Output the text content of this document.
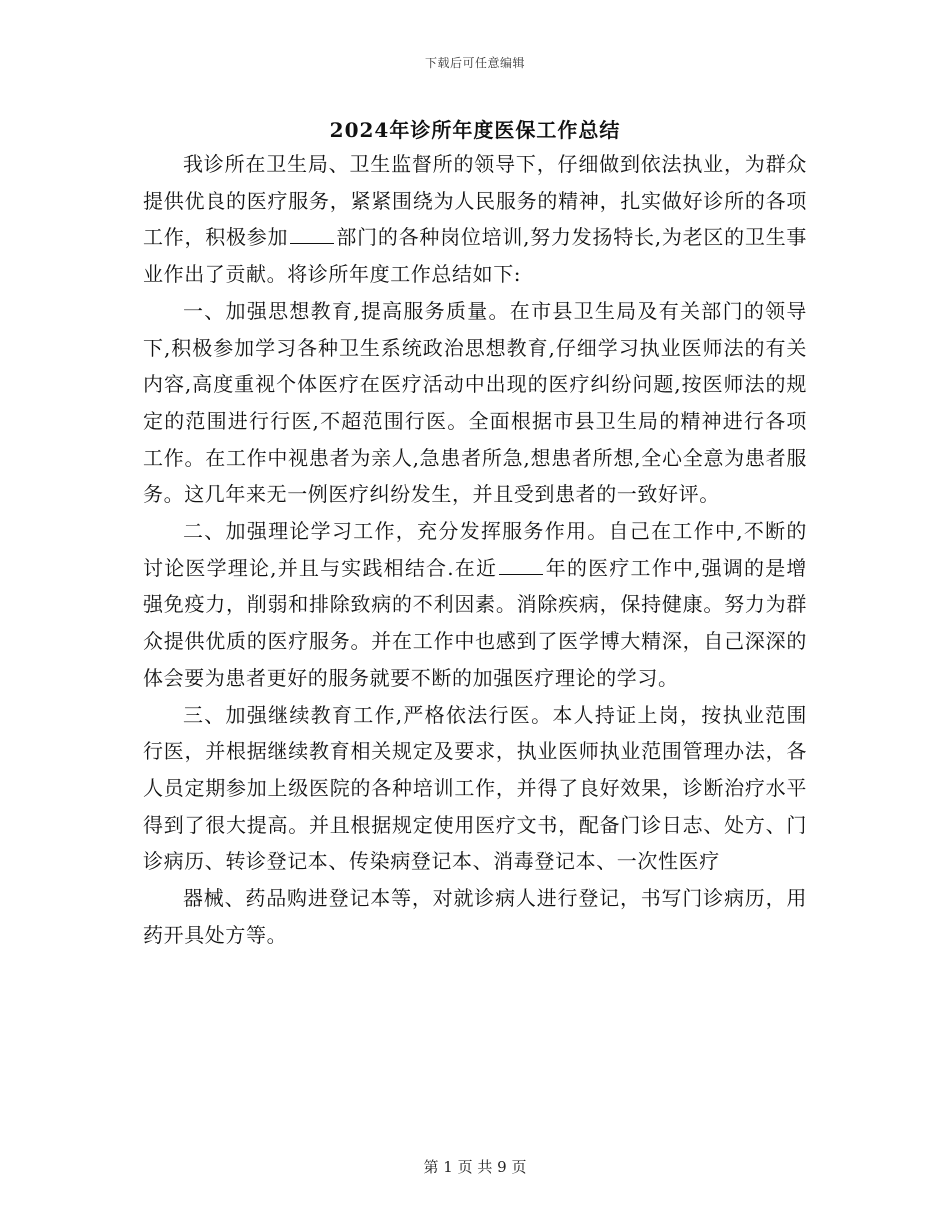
下载后可任意编辑
2024年诊所年度医保工作总结

我诊所在卫生局、卫生监督所的领导下，仔细做到依法执业，为群众提供优良的医疗服务，紧紧围绕为人民服务的精神，扎实做好诊所的各项工作，积极参加 部门的各种岗位培训,努力发扬特长,为老区的卫生事业作出了贡献。将诊所年度工作总结如下:

一、加强思想教育,提高服务质量。在市县卫生局及有关部门的领导下,积极参加学习各种卫生系统政治思想教育,仔细学习执业医师法的有关内容,高度重视个体医疗在医疗活动中出现的医疗纠纷问题,按医师法的规定的范围进行行医,不超范围行医。全面根据市县卫生局的精神进行各项工作。在工作中视患者为亲人,急患者所急,想患者所想,全心全意为患者服务。这几年来无一例医疗纠纷发生，并且受到患者的一致好评。

二、加强理论学习工作，充分发挥服务作用。自己在工作中,不断的讨论医学理论,并且与实践相结合.在近 年的医疗工作中,强调的是增强免疫力，削弱和排除致病的不利因素。消除疾病，保持健康。努力为群众提供优质的医疗服务。并在工作中也感到了医学博大精深，自己深深的体会要为患者更好的服务就要不断的加强医疗理论的学习。

三、加强继续教育工作,严格依法行医。本人持证上岗，按执业范围行医，并根据继续教育相关规定及要求，执业医师执业范围管理办法，各人员定期参加上级医院的各种培训工作，并得了良好效果，诊断治疗水平得到了很大提高。并且根据规定使用医疗文书，配备门诊日志、处方、门诊病历、转诊登记本、传染病登记本、消毒登记本、一次性医疗

器械、药品购进登记本等，对就诊病人进行登记，书写门诊病历，用药开具处方等。

第 1 页 共 9 页
